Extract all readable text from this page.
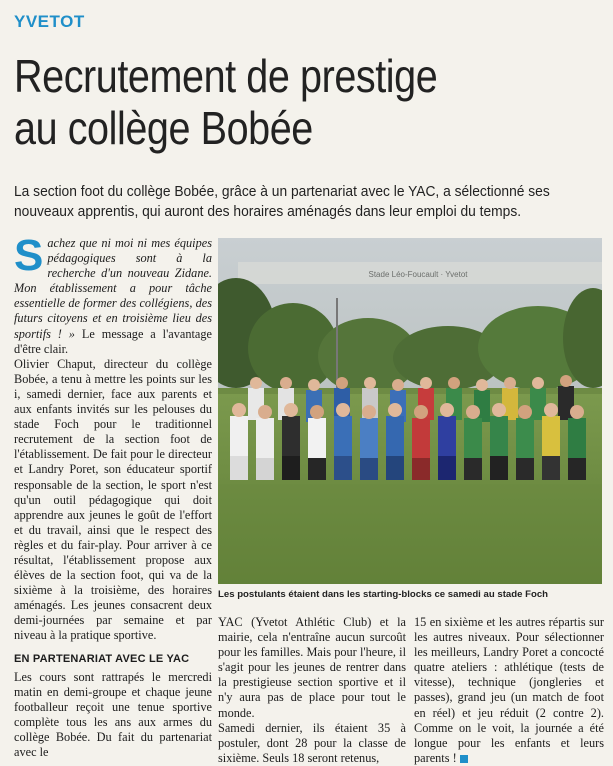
YVETOT
Recrutement de prestige
au collège Bobée
La section foot du collège Bobée, grâce à un partenariat avec le YAC, a sélectionné ses nouveaux apprentis, qui auront des horaires aménagés dans leur emploi du temps.

Sachez que ni moi ni mes équipes pédagogiques sont à la recherche d'un nouveau Zidane. Mon établissement a pour tâche essentielle de former des collégiens, des futurs citoyens et en troisième lieu des sportifs ! » Le message a l'avantage d'être clair.

Olivier Chaput, directeur du collège Bobée, a tenu à mettre les points sur les i, samedi dernier, face aux parents et aux enfants invités sur les pelouses du stade Foch pour le traditionnel recrutement de la section foot de l'établissement. De fait pour le directeur et Landry Poret, son éducateur sportif responsable de la section, le sport n'est qu'un outil pédagogique qui doit apprendre aux jeunes le goût de l'effort et du travail, ainsi que le respect des règles et du fair-play. Pour arriver à ce résultat, l'établissement propose aux élèves de la section foot, qui va de la sixième à la troisième, des horaires aménagés. Les jeunes consacrent deux demi-journées par semaine et par niveau à la pratique sportive.

EN PARTENARIAT AVEC LE YAC

Les cours sont rattrapés le mercredi matin en demi-groupe et chaque jeune footballeur reçoit une tenue sportive complète tous les ans aux armes du collège Bobée. Du fait du partenariat avec le

Stade Léo-Foucault · Yvetot
Les postulants étaient dans les starting-blocks ce samedi au stade Foch

YAC (Yvetot Athlétic Club) et la mairie, cela n'entraîne aucun surcoût pour les familles. Mais pour l'heure, il s'agit pour les jeunes de rentrer dans la prestigieuse section sportive et il n'y aura pas de place pour tout le monde.

Samedi dernier, ils étaient 35 à postuler, dont 28 pour la classe de sixième. Seuls 18 seront retenus,

15 en sixième et les autres répartis sur les autres niveaux. Pour sélectionner les meilleurs, Landry Poret a concocté quatre ateliers : athlétique (tests de vitesse), technique (jongleries et passes), grand jeu (un match de foot en réel) et jeu réduit (2 contre 2). Comme on le voit, la journée a été longue pour les enfants et leurs parents !
